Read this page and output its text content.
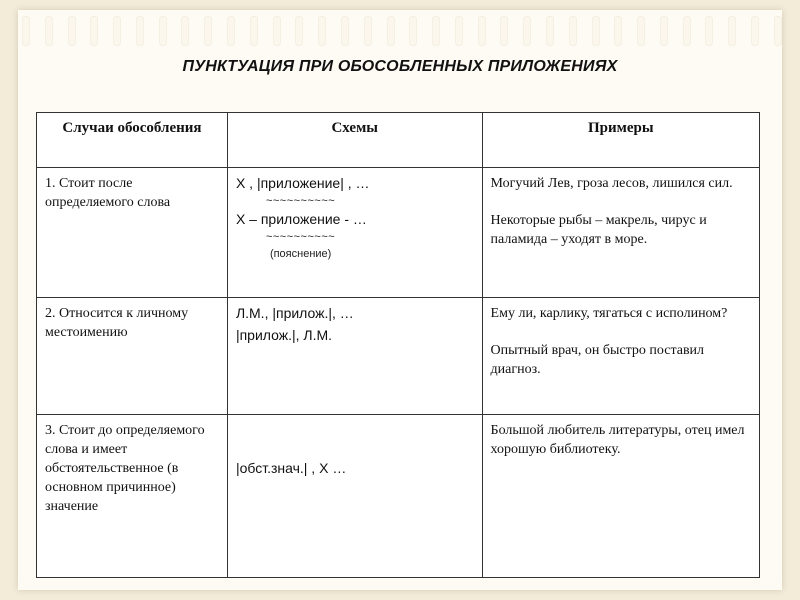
ПУНКТУАЦИЯ ПРИ ОБОСОБЛЕННЫХ ПРИЛОЖЕНИЯХ
Случаи обособления	Схемы	Примеры
1. Стоит после определяемого слова	Х , |приложение| , …
~~~~~~~~~~
Х – приложение - …
~~~~~~~~~~
(пояснение)	Могучий Лев, гроза лесов, лишился сил.
Некоторые рыбы – макрель, чирус и паламида – уходят в море.

2. Относится к личному местоимению	Л.М., |прилож.|, …
|прилож.|, Л.М.	Ему ли, карлику, тягаться с исполином?
Опытный врач, он быстро поставил диагноз.

3. Стоит до определяемого слова и имеет обстоятельственное (в основном причинное) значение	|обст.знач.| , Х …	Большой любитель литературы, отец имел хорошую библиотеку.
